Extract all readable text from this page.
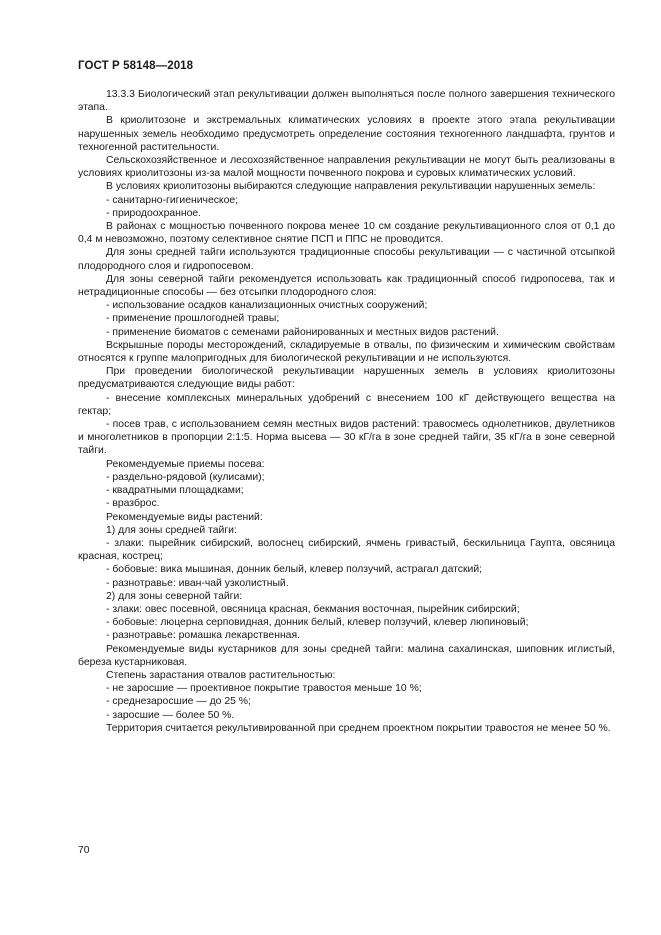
ГОСТ Р 58148—2018

13.3.3 Биологический этап рекультивации должен выполняться после полного завершения технического этапа.

В криолитозоне и экстремальных климатических условиях в проекте этого этапа рекультивации нарушенных земель необходимо предусмотреть определение состояния техногенного ландшафта, грунтов и техногенной растительности.

Сельскохозяйственное и лесохозяйственное направления рекультивации не могут быть реализованы в условиях криолитозоны из-за малой мощности почвенного покрова и суровых климатических условий.

В условиях криолитозоны выбираются следующие направления рекультивации нарушенных земель:

- санитарно-гигиеническое;

- природоохранное.

В районах с мощностью почвенного покрова менее 10 см создание рекультивационного слоя от 0,1 до 0,4 м невозможно, поэтому селективное снятие ПСП и ППС не проводится.

Для зоны средней тайги используются традиционные способы рекультивации — с частичной отсыпкой плодородного слоя и гидропосевом.

Для зоны северной тайги рекомендуется использовать как традиционный способ гидропосева, так и нетрадиционные способы — без отсыпки плодородного слоя:

- использование осадков канализационных очистных сооружений;

- применение прошлогодней травы;

- применение биоматов с семенами районированных и местных видов растений.

Вскрышные породы месторождений, складируемые в отвалы, по физическим и химическим свойствам относятся к группе малопригодных для биологической рекультивации и не используются.

При проведении биологической рекультивации нарушенных земель в условиях криолитозоны предусматриваются следующие виды работ:

- внесение комплексных минеральных удобрений с внесением 100 кГ действующего вещества на гектар;

- посев трав, с использованием семян местных видов растений: травосмесь однолетников, двулетников и многолетников в пропорции 2:1:5. Норма высева — 30 кГ/га в зоне средней тайги, 35 кГ/га в зоне северной тайги.

Рекомендуемые приемы посева:

- раздельно-рядовой (кулисами);

- квадратными площадками;

- вразброс.

Рекомендуемые виды растений:

1) для зоны средней тайги:

- злаки: пырейник сибирский, волоснец сибирский, ячмень гривастый, бескильница Гаупта, овсяница красная, кострец;

- бобовые: вика мышиная, донник белый, клевер ползучий, астрагал датский;

- разнотравье: иван-чай узколистный.

2) для зоны северной тайги:

- злаки: овес посевной, овсяница красная, бекмания восточная, пырейник сибирский;

- бобовые: люцерна серповидная, донник белый, клевер ползучий, клевер люпиновый;

- разнотравье: ромашка лекарственная.

Рекомендуемые виды кустарников для зоны средней тайги: малина сахалинская, шиповник иглистый, береза кустарниковая.

Степень зарастания отвалов растительностью:

- не заросшие — проективное покрытие травостоя меньше 10 %;

- среднезаросшие — до 25 %;

- заросшие — более 50 %.

Территория считается рекультивированной при среднем проектном покрытии травостоя не менее 50 %.

70
